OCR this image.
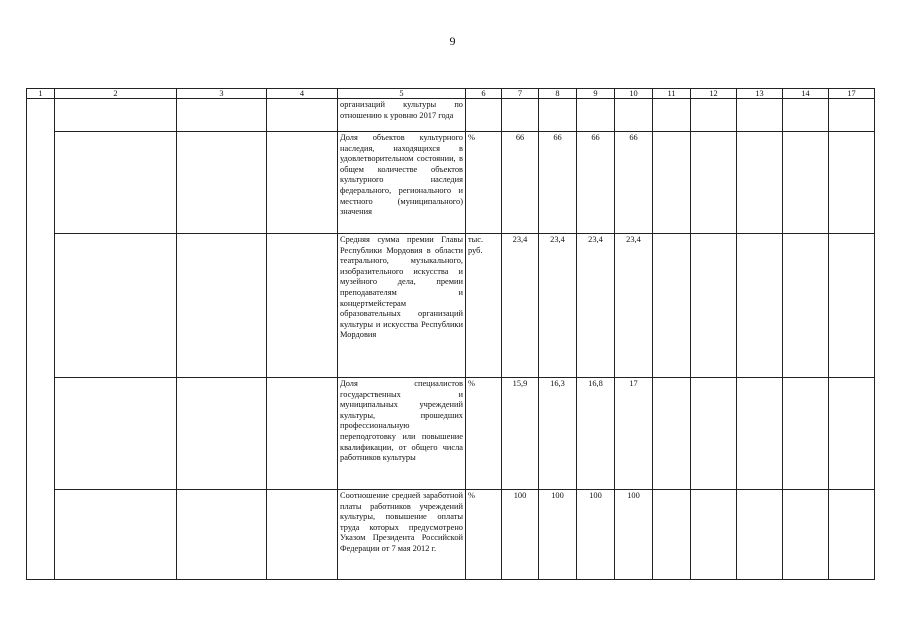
9
1	2	3	4	5	6	7	8	9	10	11	12	13	14	17
				организаций культуры по отношению к уровню 2017 года										
				Доля объектов культурного наследия, находящихся в удовлетворительном состоянии, в общем количестве объектов культурного наследия федерального, регионального и местного (муниципального) значения	%	66	66	66	66					
				Средняя сумма премии Главы Республики Мордовия в области театрального, музыкального, изобразительного искусства и музейного дела, премии преподавателям и концертмейстерам образовательных организаций культуры и искусства Республики Мордовия	тыс. руб.	23,4	23,4	23,4	23,4					
				Доля специалистов государственных и муниципальных учреждений культуры, прошедших профессиональную переподготовку или повышение квалификации, от общего числа работников культуры	%	15,9	16,3	16,8	17					
				Соотношение средней заработной платы работников учреждений культуры, повышение оплаты труда которых предусмотрено Указом Президента Российской Федерации от 7 мая 2012 г.	%	100	100	100	100					
